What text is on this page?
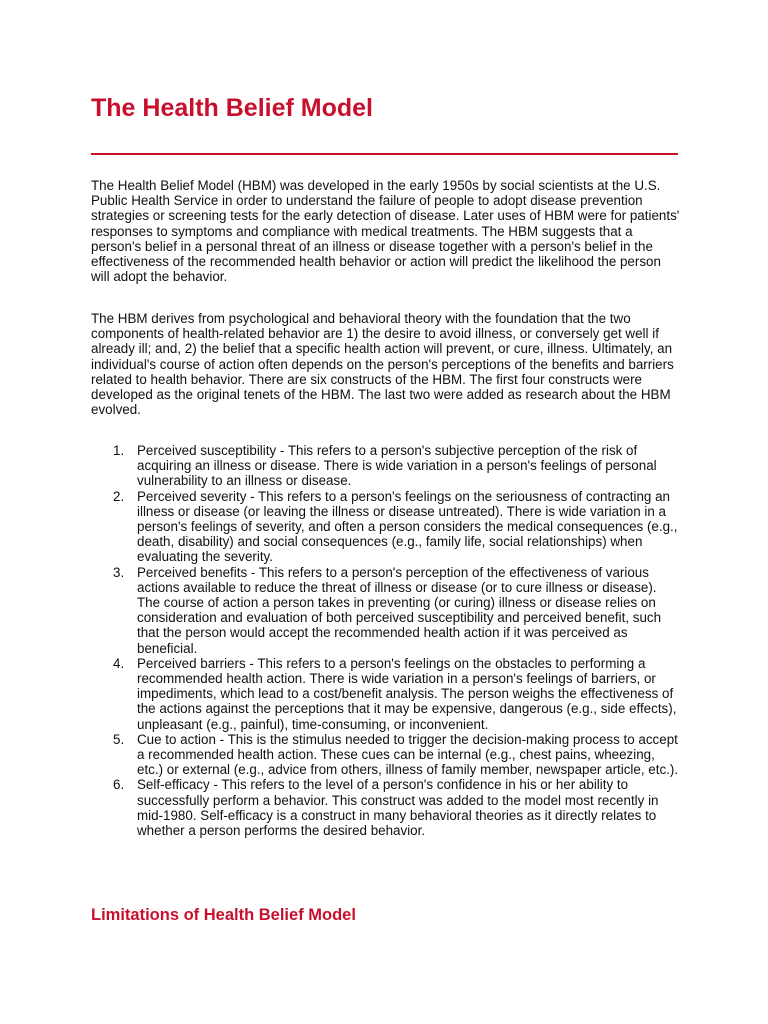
The Health Belief Model

The Health Belief Model (HBM) was developed in the early 1950s by social scientists at the U.S. Public Health Service in order to understand the failure of people to adopt disease prevention strategies or screening tests for the early detection of disease. Later uses of HBM were for patients' responses to symptoms and compliance with medical treatments. The HBM suggests that a person's belief in a personal threat of an illness or disease together with a person's belief in the effectiveness of the recommended health behavior or action will predict the likelihood the person will adopt the behavior.

The HBM derives from psychological and behavioral theory with the foundation that the two components of health-related behavior are 1) the desire to avoid illness, or conversely get well if already ill; and, 2) the belief that a specific health action will prevent, or cure, illness. Ultimately, an individual's course of action often depends on the person's perceptions of the benefits and barriers related to health behavior. There are six constructs of the HBM. The first four constructs were developed as the original tenets of the HBM. The last two were added as research about the HBM evolved.

1. Perceived susceptibility - This refers to a person's subjective perception of the risk of acquiring an illness or disease. There is wide variation in a person's feelings of personal vulnerability to an illness or disease.
2. Perceived severity - This refers to a person's feelings on the seriousness of contracting an illness or disease (or leaving the illness or disease untreated). There is wide variation in a person's feelings of severity, and often a person considers the medical consequences (e.g., death, disability) and social consequences (e.g., family life, social relationships) when evaluating the severity.
3. Perceived benefits - This refers to a person's perception of the effectiveness of various actions available to reduce the threat of illness or disease (or to cure illness or disease). The course of action a person takes in preventing (or curing) illness or disease relies on consideration and evaluation of both perceived susceptibility and perceived benefit, such that the person would accept the recommended health action if it was perceived as beneficial.
4. Perceived barriers - This refers to a person's feelings on the obstacles to performing a recommended health action. There is wide variation in a person's feelings of barriers, or impediments, which lead to a cost/benefit analysis. The person weighs the effectiveness of the actions against the perceptions that it may be expensive, dangerous (e.g., side effects), unpleasant (e.g., painful), time-consuming, or inconvenient.
5. Cue to action - This is the stimulus needed to trigger the decision-making process to accept a recommended health action. These cues can be internal (e.g., chest pains, wheezing, etc.) or external (e.g., advice from others, illness of family member, newspaper article, etc.).
6. Self-efficacy - This refers to the level of a person's confidence in his or her ability to successfully perform a behavior. This construct was added to the model most recently in mid-1980. Self-efficacy is a construct in many behavioral theories as it directly relates to whether a person performs the desired behavior.
Limitations of Health Belief Model
